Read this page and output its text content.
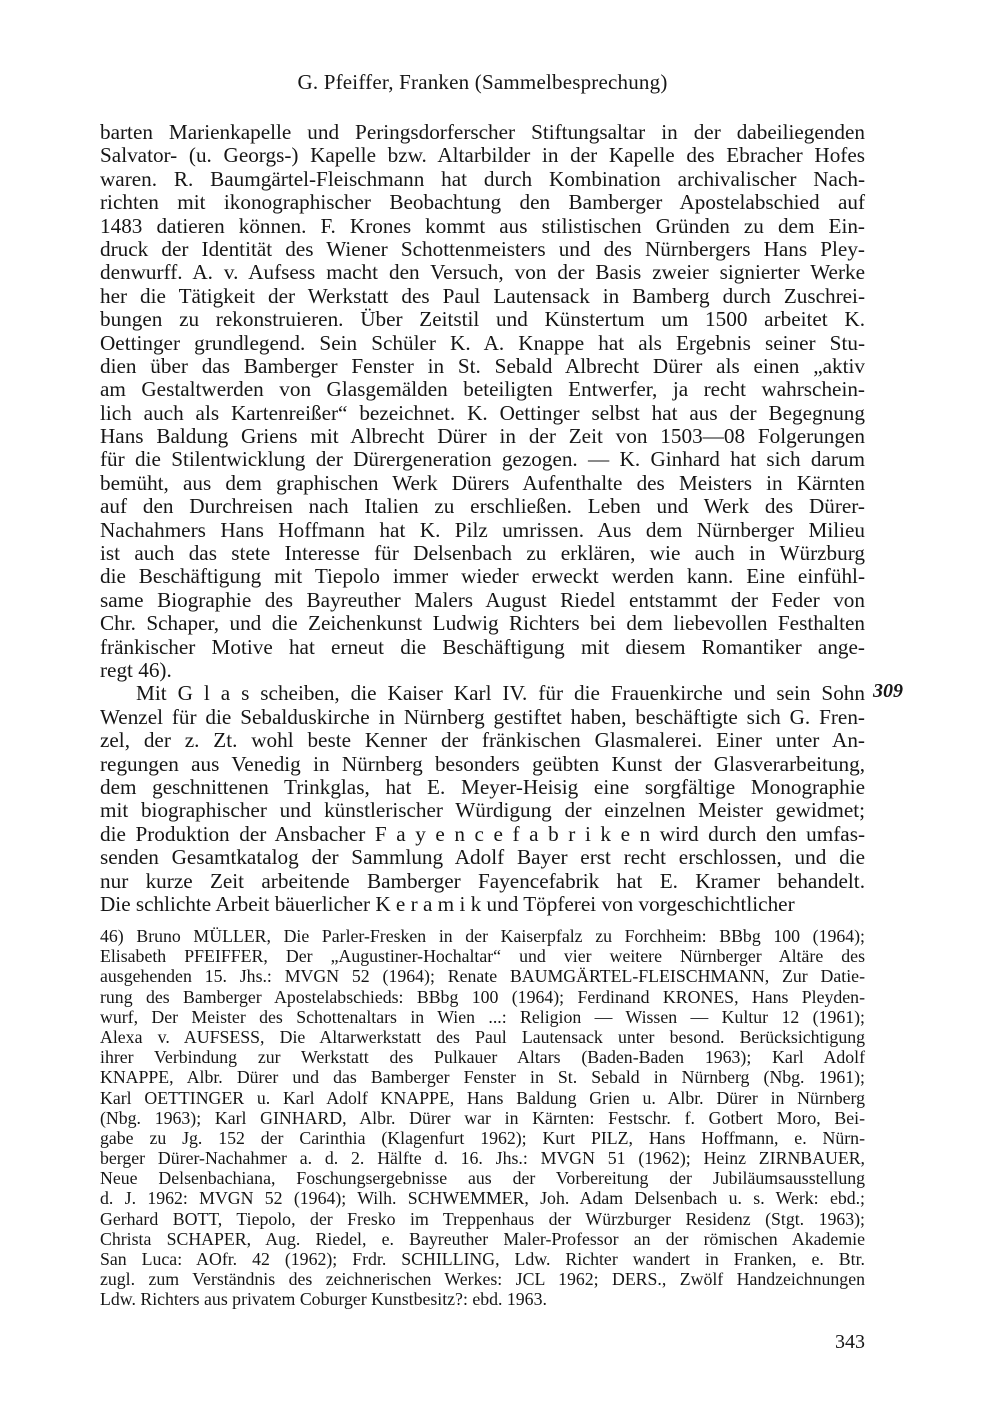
G. Pfeiffer, Franken (Sammelbesprechung)
barten Marienkapelle und Peringsdorferscher Stiftungsaltar in der dabeiliegenden
Salvator- (u. Georgs-) Kapelle bzw. Altarbilder in der Kapelle des Ebracher Hofes
waren. R. Baumgärtel-Fleischmann hat durch Kombination archivalischer Nach-
richten mit ikonographischer Beobachtung den Bamberger Apostelabschied auf
1483 datieren können. F. Krones kommt aus stilistischen Gründen zu dem Ein-
druck der Identität des Wiener Schottenmeisters und des Nürnbergers Hans Pley-
denwurff. A. v. Aufsess macht den Versuch, von der Basis zweier signierter Werke
her die Tätigkeit der Werkstatt des Paul Lautensack in Bamberg durch Zuschrei-
bungen zu rekonstruieren. Über Zeitstil und Künstertum um 1500 arbeitet K.
Oettinger grundlegend. Sein Schüler K. A. Knappe hat als Ergebnis seiner Stu-
dien über das Bamberger Fenster in St. Sebald Albrecht Dürer als einen „aktiv
am Gestaltwerden von Glasgemälden beteiligten Entwerfer, ja recht wahrschein-
lich auch als Kartenreißer“ bezeichnet. K. Oettinger selbst hat aus der Begegnung
Hans Baldung Griens mit Albrecht Dürer in der Zeit von 1503—08 Folgerungen
für die Stilentwicklung der Dürergeneration gezogen. — K. Ginhard hat sich darum
bemüht, aus dem graphischen Werk Dürers Aufenthalte des Meisters in Kärnten
auf den Durchreisen nach Italien zu erschließen. Leben und Werk des Dürer-
Nachahmers Hans Hoffmann hat K. Pilz umrissen. Aus dem Nürnberger Milieu
ist auch das stete Interesse für Delsenbach zu erklären, wie auch in Würzburg
die Beschäftigung mit Tiepolo immer wieder erweckt werden kann. Eine einfühl-
same Biographie des Bayreuther Malers August Riedel entstammt der Feder von
Chr. Schaper, und die Zeichenkunst Ludwig Richters bei dem liebevollen Festhalten
fränkischer Motive hat erneut die Beschäftigung mit diesem Romantiker ange-
regt 46).
Mit G l a s scheiben, die Kaiser Karl IV. für die Frauenkirche und sein Sohn
Wenzel für die Sebalduskirche in Nürnberg gestiftet haben, beschäftigte sich G. Fren-
zel, der z. Zt. wohl beste Kenner der fränkischen Glasmalerei. Einer unter An-
regungen aus Venedig in Nürnberg besonders geübten Kunst der Glasverarbeitung,
dem geschnittenen Trinkglas, hat E. Meyer-Heisig eine sorgfältige Monographie
mit biographischer und künstlerischer Würdigung der einzelnen Meister gewidmet;
die Produktion der Ansbacher F a y e n c e f a b r i k e n wird durch den umfas-
senden Gesamtkatalog der Sammlung Adolf Bayer erst recht erschlossen, und die
nur kurze Zeit arbeitende Bamberger Fayencefabrik hat E. Kramer behandelt.
Die schlichte Arbeit bäuerlicher K e r a m i k und Töpferei von vorgeschichtlicher
309
46) Bruno MÜLLER, Die Parler-Fresken in der Kaiserpfalz zu Forchheim: BBbg 100 (1964);
Elisabeth PFEIFFER, Der „Augustiner-Hochaltar“ und vier weitere Nürnberger Altäre des
ausgehenden 15. Jhs.: MVGN 52 (1964); Renate BAUMGÄRTEL-FLEISCHMANN, Zur Datie-
rung des Bamberger Apostelabschieds: BBbg 100 (1964); Ferdinand KRONES, Hans Pleyden-
wurf, Der Meister des Schottenaltars in Wien ...: Religion — Wissen — Kultur 12 (1961);
Alexa v. AUFSESS, Die Altarwerkstatt des Paul Lautensack unter besond. Berücksichtigung
ihrer Verbindung zur Werkstatt des Pulkauer Altars (Baden-Baden 1963); Karl Adolf
KNAPPE, Albr. Dürer und das Bamberger Fenster in St. Sebald in Nürnberg (Nbg. 1961);
Karl OETTINGER u. Karl Adolf KNAPPE, Hans Baldung Grien u. Albr. Dürer in Nürnberg
(Nbg. 1963); Karl GINHARD, Albr. Dürer war in Kärnten: Festschr. f. Gotbert Moro, Bei-
gabe zu Jg. 152 der Carinthia (Klagenfurt 1962); Kurt PILZ, Hans Hoffmann, e. Nürn-
berger Dürer-Nachahmer a. d. 2. Hälfte d. 16. Jhs.: MVGN 51 (1962); Heinz ZIRNBAUER,
Neue Delsenbachiana, Foschungsergebnisse aus der Vorbereitung der Jubiläumsausstellung
d. J. 1962: MVGN 52 (1964); Wilh. SCHWEMMER, Joh. Adam Delsenbach u. s. Werk: ebd.;
Gerhard BOTT, Tiepolo, der Fresko im Treppenhaus der Würzburger Residenz (Stgt. 1963);
Christa SCHAPER, Aug. Riedel, e. Bayreuther Maler-Professor an der römischen Akademie
San Luca: AOfr. 42 (1962); Frdr. SCHILLING, Ldw. Richter wandert in Franken, e. Btr.
zugl. zum Verständnis des zeichnerischen Werkes: JCL 1962; DERS., Zwölf Handzeichnungen
Ldw. Richters aus privatem Coburger Kunstbesitz?: ebd. 1963.
343
